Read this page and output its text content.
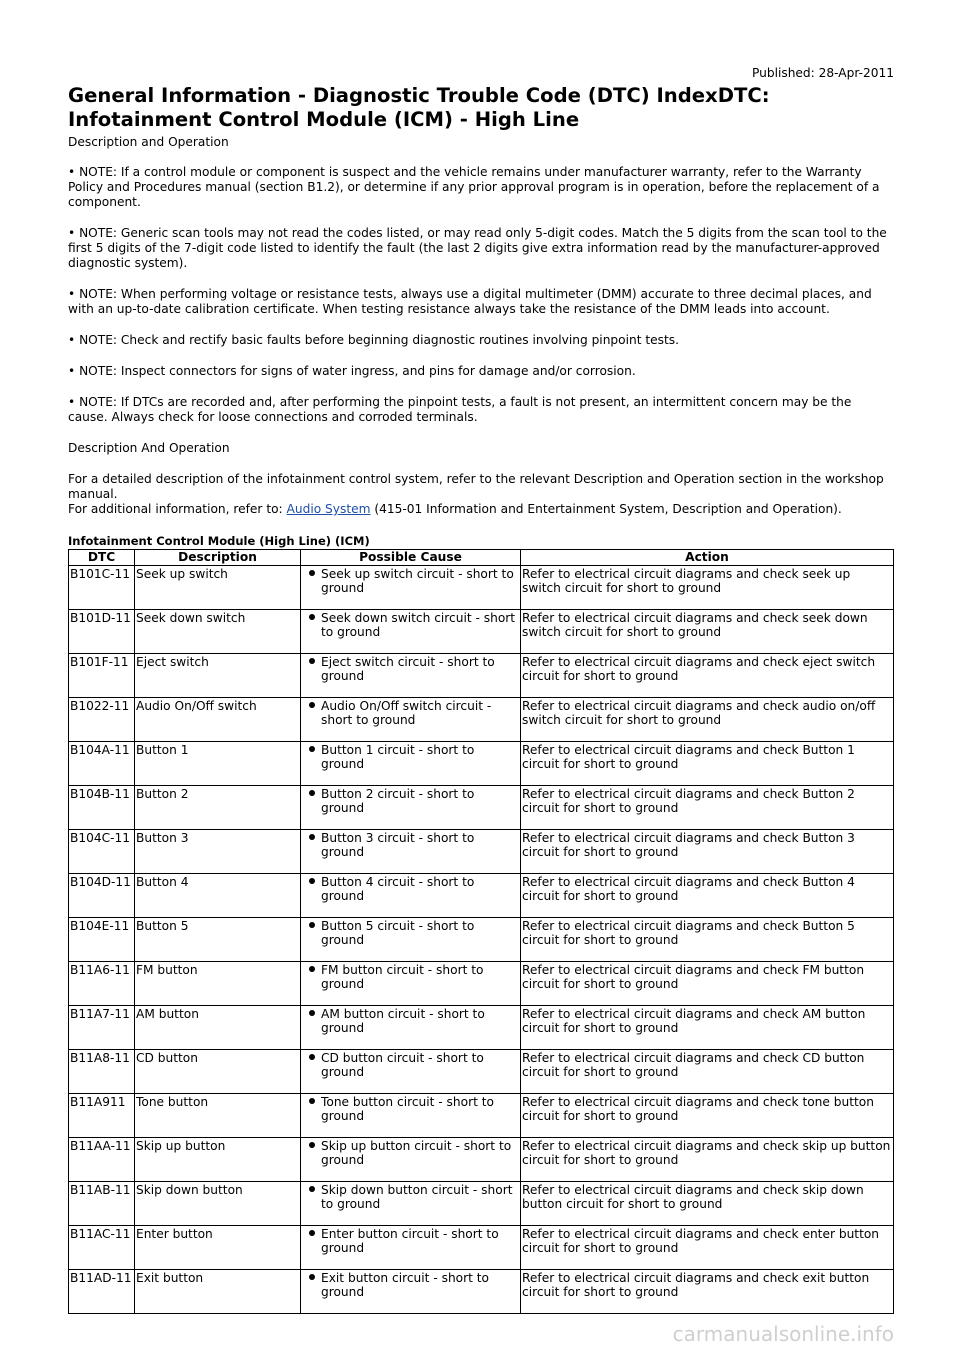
Published: 28-Apr-2011
General Information - Diagnostic Trouble Code (DTC) IndexDTC:
Infotainment Control Module (ICM) - High Line
Description and Operation

• NOTE: If a control module or component is suspect and the vehicle remains under manufacturer warranty, refer to the Warranty Policy and Procedures manual (section B1.2), or determine if any prior approval program is in operation, before the replacement of a component.

• NOTE: Generic scan tools may not read the codes listed, or may read only 5-digit codes. Match the 5 digits from the scan tool to the first 5 digits of the 7-digit code listed to identify the fault (the last 2 digits give extra information read by the manufacturer-approved diagnostic system).

• NOTE: When performing voltage or resistance tests, always use a digital multimeter (DMM) accurate to three decimal places, and with an up-to-date calibration certificate. When testing resistance always take the resistance of the DMM leads into account.

• NOTE: Check and rectify basic faults before beginning diagnostic routines involving pinpoint tests.

• NOTE: Inspect connectors for signs of water ingress, and pins for damage and/or corrosion.

• NOTE: If DTCs are recorded and, after performing the pinpoint tests, a fault is not present, an intermittent concern may be the cause. Always check for loose connections and corroded terminals.

Description And Operation

For a detailed description of the infotainment control system, refer to the relevant Description and Operation section in the workshop manual.

For additional information, refer to: Audio System (415-01 Information and Entertainment System, Description and Operation).

Infotainment Control Module (High Line) (ICM)
DTC	Description	Possible Cause	Action
B101C-11	Seek up switch	Seek up switch circuit - short to ground	Refer to electrical circuit diagrams and check seek up switch circuit for short to ground
B101D-11	Seek down switch	Seek down switch circuit - short to ground	Refer to electrical circuit diagrams and check seek down switch circuit for short to ground
B101F-11	Eject switch	Eject switch circuit - short to ground	Refer to electrical circuit diagrams and check eject switch circuit for short to ground
B1022-11	Audio On/Off switch	Audio On/Off switch circuit - short to ground	Refer to electrical circuit diagrams and check audio on/off switch circuit for short to ground
B104A-11	Button 1	Button 1 circuit - short to ground	Refer to electrical circuit diagrams and check Button 1 circuit for short to ground
B104B-11	Button 2	Button 2 circuit - short to ground	Refer to electrical circuit diagrams and check Button 2 circuit for short to ground
B104C-11	Button 3	Button 3 circuit - short to ground	Refer to electrical circuit diagrams and check Button 3 circuit for short to ground
B104D-11	Button 4	Button 4 circuit - short to ground	Refer to electrical circuit diagrams and check Button 4 circuit for short to ground
B104E-11	Button 5	Button 5 circuit - short to ground	Refer to electrical circuit diagrams and check Button 5 circuit for short to ground
B11A6-11	FM button	FM button circuit - short to ground	Refer to electrical circuit diagrams and check FM button circuit for short to ground
B11A7-11	AM button	AM button circuit - short to ground	Refer to electrical circuit diagrams and check AM button circuit for short to ground
B11A8-11	CD button	CD button circuit - short to ground	Refer to electrical circuit diagrams and check CD button circuit for short to ground
B11A911	Tone button	Tone button circuit - short to ground	Refer to electrical circuit diagrams and check tone button circuit for short to ground
B11AA-11	Skip up button	Skip up button circuit - short to ground	Refer to electrical circuit diagrams and check skip up button circuit for short to ground
B11AB-11	Skip down button	Skip down button circuit - short to ground	Refer to electrical circuit diagrams and check skip down button circuit for short to ground
B11AC-11	Enter button	Enter button circuit - short to ground	Refer to electrical circuit diagrams and check enter button circuit for short to ground
B11AD-11	Exit button	Exit button circuit - short to ground	Refer to electrical circuit diagrams and check exit button circuit for short to ground
carmanualsonline.info
